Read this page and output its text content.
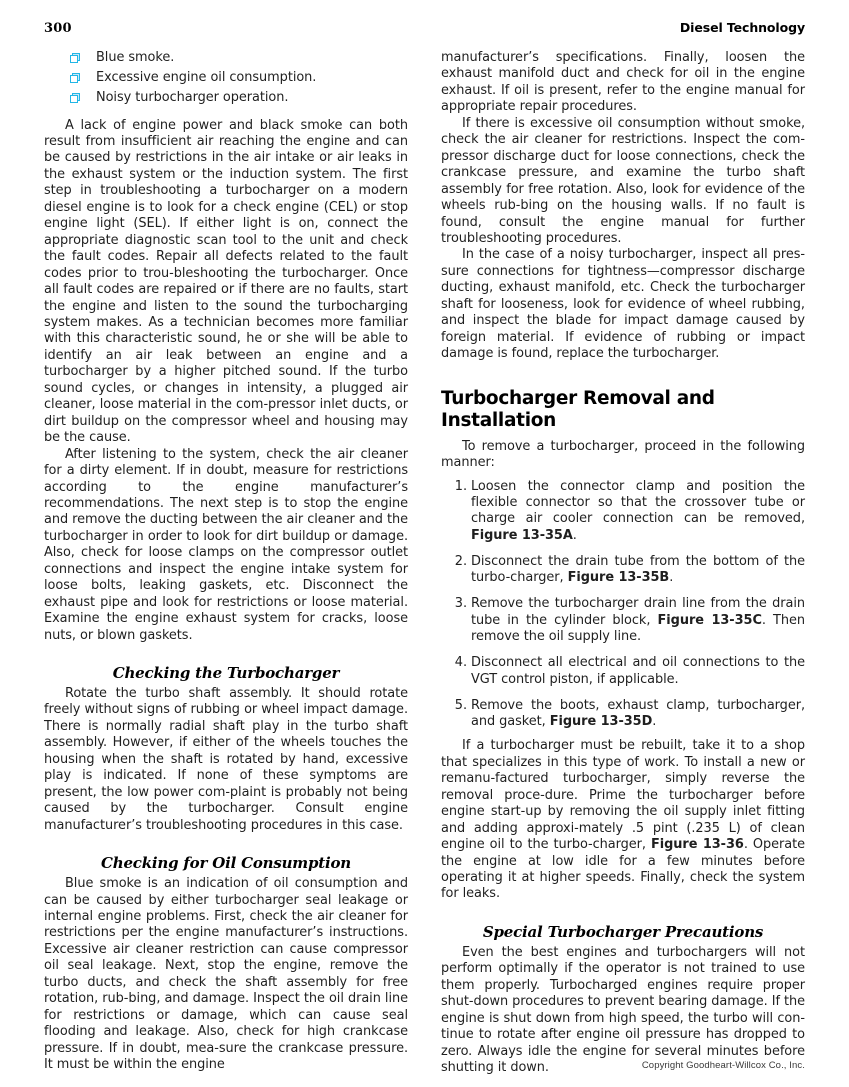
300	Diesel Technology
Blue smoke.
Excessive engine oil consumption.
Noisy turbocharger operation.

A lack of engine power and black smoke can both result from insufficient air reaching the engine and can be caused by restrictions in the air intake or air leaks in the exhaust system or the induction system. The first step in troubleshooting a turbocharger on a modern diesel engine is to look for a check engine (CEL) or stop engine light (SEL). If either light is on, connect the appropriate diagnostic scan tool to the unit and check the fault codes. Repair all defects related to the fault codes prior to trou-bleshooting the turbocharger. Once all fault codes are repaired or if there are no faults, start the engine and listen to the sound the turbocharging system makes. As a technician becomes more familiar with this characteristic sound, he or she will be able to identify an air leak between an engine and a turbocharger by a higher pitched sound. If the turbo sound cycles, or changes in intensity, a plugged air cleaner, loose material in the com-pressor inlet ducts, or dirt buildup on the compressor wheel and housing may be the cause.

After listening to the system, check the air cleaner for a dirty element. If in doubt, measure for restrictions according to the engine manufacturer’s recommendations. The next step is to stop the engine and remove the ducting between the air cleaner and the turbocharger in order to look for dirt buildup or damage. Also, check for loose clamps on the compressor outlet connections and inspect the engine intake system for loose bolts, leaking gaskets, etc. Disconnect the exhaust pipe and look for restrictions or loose material. Examine the engine exhaust system for cracks, loose nuts, or blown gaskets.

Checking the Turbocharger

Rotate the turbo shaft assembly. It should rotate freely without signs of rubbing or wheel impact damage. There is normally radial shaft play in the turbo shaft assembly. However, if either of the wheels touches the housing when the shaft is rotated by hand, excessive play is indicated. If none of these symptoms are present, the low power com-plaint is probably not being caused by the turbocharger. Consult engine manufacturer’s troubleshooting procedures in this case.

Checking for Oil Consumption

Blue smoke is an indication of oil consumption and can be caused by either turbocharger seal leakage or internal engine problems. First, check the air cleaner for restrictions per the engine manufacturer’s instructions. Excessive air cleaner restriction can cause compressor oil seal leakage. Next, stop the engine, remove the turbo ducts, and check the shaft assembly for free rotation, rub-bing, and damage. Inspect the oil drain line for restrictions or damage, which can cause seal flooding and leakage. Also, check for high crankcase pressure. If in doubt, mea-sure the crankcase pressure. It must be within the engine

manufacturer’s specifications. Finally, loosen the exhaust manifold duct and check for oil in the engine exhaust. If oil is present, refer to the engine manual for appropriate repair procedures.

If there is excessive oil consumption without smoke, check the air cleaner for restrictions. Inspect the com-pressor discharge duct for loose connections, check the crankcase pressure, and examine the turbo shaft assembly for free rotation. Also, look for evidence of the wheels rub-bing on the housing walls. If no fault is found, consult the engine manual for further troubleshooting procedures.

In the case of a noisy turbocharger, inspect all pres-sure connections for tightness—compressor discharge ducting, exhaust manifold, etc. Check the turbocharger shaft for looseness, look for evidence of wheel rubbing, and inspect the blade for impact damage caused by foreign material. If evidence of rubbing or impact damage is found, replace the turbocharger.

Turbocharger Removal and Installation

To remove a turbocharger, proceed in the following manner:

1. Loosen the connector clamp and position the flexible connector so that the crossover tube or charge air cooler connection can be removed, Figure 13-35A.
2. Disconnect the drain tube from the bottom of the turbo-charger, Figure 13-35B.
3. Remove the turbocharger drain line from the drain tube in the cylinder block, Figure 13-35C. Then remove the oil supply line.
4. Disconnect all electrical and oil connections to the VGT control piston, if applicable.
5. Remove the boots, exhaust clamp, turbocharger, and gasket, Figure 13-35D.

If a turbocharger must be rebuilt, take it to a shop that specializes in this type of work. To install a new or remanu-factured turbocharger, simply reverse the removal proce-dure. Prime the turbocharger before engine start-up by removing the oil supply inlet fitting and adding approxi-mately .5 pint (.235 L) of clean engine oil to the turbo-charger, Figure 13-36. Operate the engine at low idle for a few minutes before operating it at higher speeds. Finally, check the system for leaks.

Special Turbocharger Precautions

Even the best engines and turbochargers will not perform optimally if the operator is not trained to use them properly. Turbocharged engines require proper shut-down procedures to prevent bearing damage. If the engine is shut down from high speed, the turbo will con-tinue to rotate after engine oil pressure has dropped to zero. Always idle the engine for several minutes before shutting it down.	Copyright Goodheart-Willcox Co., Inc.
